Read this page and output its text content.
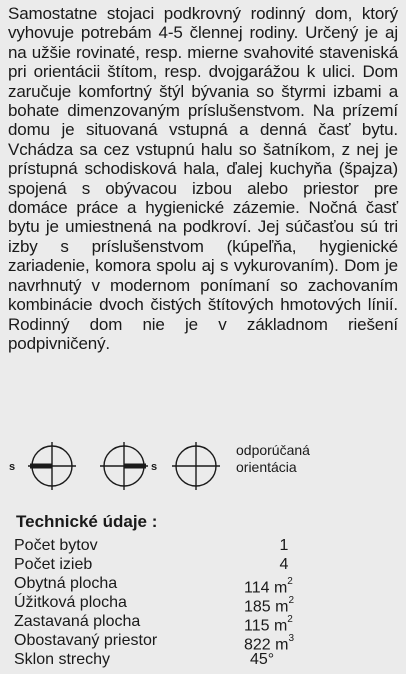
Samostatne stojaci podkrovný rodinný dom, ktorý vyhovuje potrebám 4-5 člennej rodiny. Určený je aj na užšie rovinaté, resp. mierne svahovité staveniská pri orientácii štítom, resp. dvojgarážou k ulici. Dom zaručuje komfortný štýl bývania so štyrmi izbami a bohate dimenzovaným príslušenstvom. Na prízemí domu je situovaná vstupná a denná časť bytu. Vchádza sa cez vstupnú halu so šatníkom, z nej je prístupná schodisková hala, ďalej kuchyňa (špajza) spojená s obývacou izbou alebo priestor pre domáce práce a hygienické zázemie. Nočná časť bytu je umiestnená na podkroví. Jej súčasťou sú tri izby s príslušenstvom (kúpeľňa, hygienické zariadenie, komora spolu aj s vykurovaním). Dom je navrhnutý v modernom ponímaní so zachovaním kombinácie dvoch čistých štítových hmotových línií. Rodinný dom nie je v základnom riešení podpivničený.
s	s
odporúčaná
orientácia
Technické údaje :
Počet bytov	1
Počet izieb	4
Obytná plocha	114 $m^2$
Úžitková plocha	185 $m^2$
Zastavaná plocha	115 $m^2$
Obostavaný priestor	822 $m^3$
Sklon strechy	45°
